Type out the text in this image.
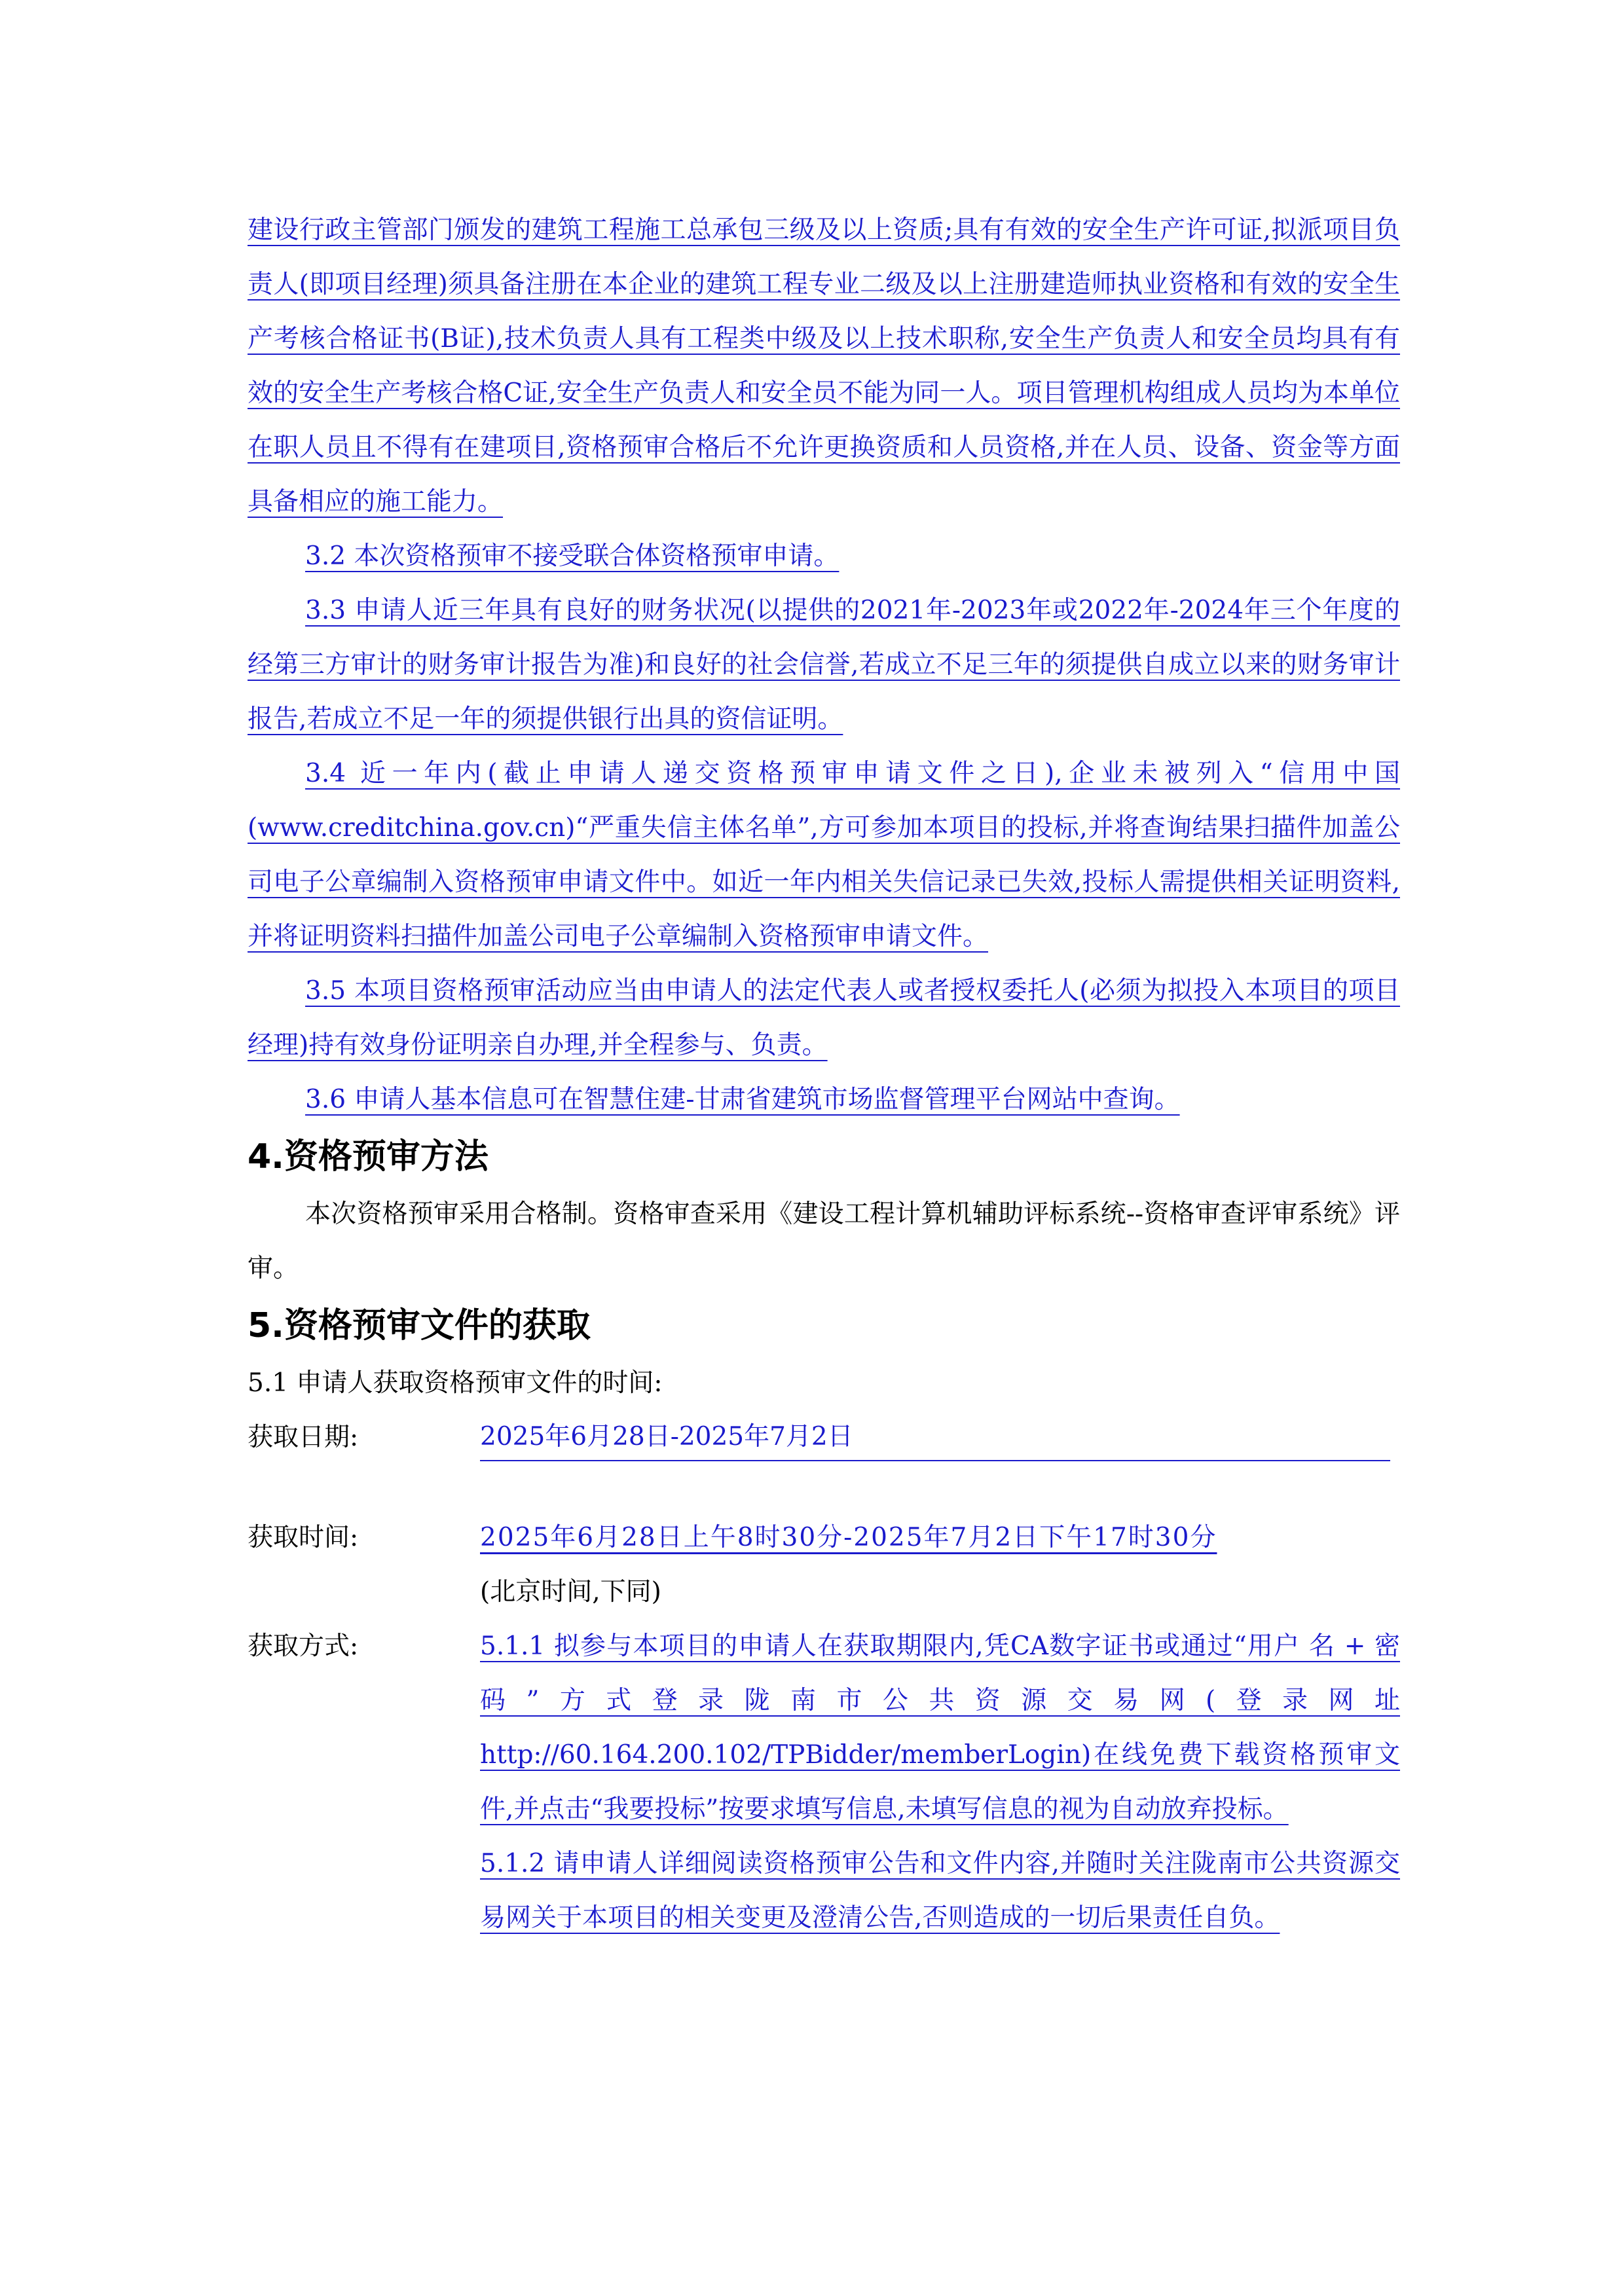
建设行政主管部门颁发的建筑工程施工总承包三级及以上资质;具有有效的安全生产许可证,拟派项目负责人(即项目经理)须具备注册在本企业的建筑工程专业二级及以上注册建造师执业资格和有效的安全生产考核合格证书(B证),技术负责人具有工程类中级及以上技术职称,安全生产负责人和安全员均具有有效的安全生产考核合格C证,安全生产负责人和安全员不能为同一人。项目管理机构组成人员均为本单位在职人员且不得有在建项目,资格预审合格后不允许更换资质和人员资格,并在人员、设备、资金等方面具备相应的施工能力。

3.2 本次资格预审不接受联合体资格预审申请。

3.3 申请人近三年具有良好的财务状况(以提供的2021年-2023年或2022年-2024年三个年度的经第三方审计的财务审计报告为准)和良好的社会信誉,若成立不足三年的须提供自成立以来的财务审计报告,若成立不足一年的须提供银行出具的资信证明。

3.4 近一年内(截止申请人递交资格预审申请文件之日),企业未被列入“信用中国(www.creditchina.gov.cn)“严重失信主体名单”,方可参加本项目的投标,并将查询结果扫描件加盖公司电子公章编制入资格预审申请文件中。如近一年内相关失信记录已失效,投标人需提供相关证明资料,并将证明资料扫描件加盖公司电子公章编制入资格预审申请文件。

3.5 本项目资格预审活动应当由申请人的法定代表人或者授权委托人(必须为拟投入本项目的项目经理)持有效身份证明亲自办理,并全程参与、负责。

3.6 申请人基本信息可在智慧住建-甘肃省建筑市场监督管理平台网站中查询。

4.资格预审方法

本次资格预审采用合格制。资格审查采用《建设工程计算机辅助评标系统--资格审查评审系统》评审。

5.资格预审文件的获取

5.1 申请人获取资格预审文件的时间:

获取日期:	2025年6月28日-2025年7月2日
获取时间:	2025年6月28日上午8时30分-2025年7月2日下午17时30分
(北京时间,下同)
获取方式:	5.1.1 拟参与本项目的申请人在获取期限内,凭CA数字证书或通过“用户 名 + 密 码”方式登录陇南市公共资源交易网(登录网址http://60.164.200.102/TPBidder/memberLogin)在线免费下载资格预审文件,并点击“我要投标”按要求填写信息,未填写信息的视为自动放弃投标。

5.1.2 请申请人详细阅读资格预审公告和文件内容,并随时关注陇南市公共资源交易网关于本项目的相关变更及澄清公告,否则造成的一切后果责任自负。
